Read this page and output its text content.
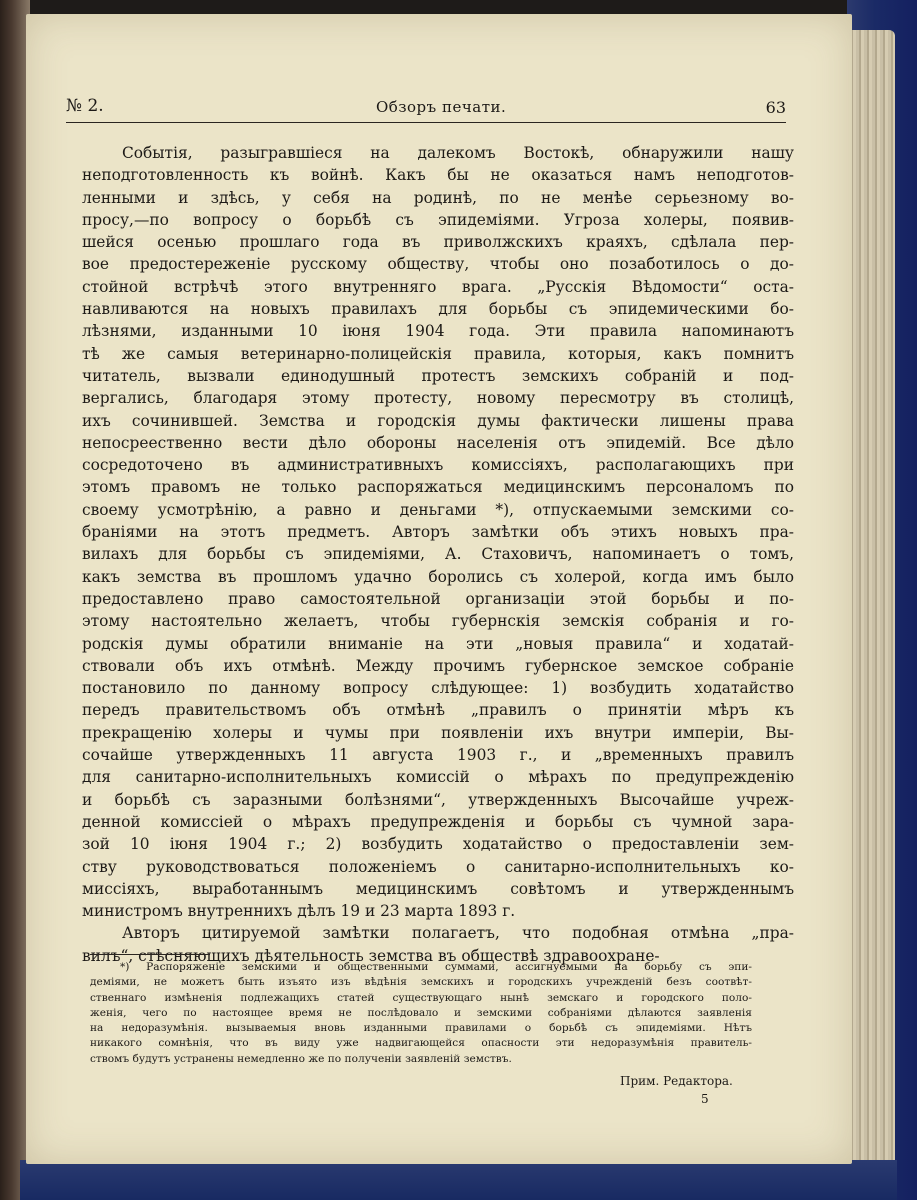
№ 2.	Обзоръ печати.	63
Событія, разыгравшіеся на далекомъ Востокѣ, обнаружили нашу
неподготовленность къ войнѣ. Какъ бы не оказаться намъ неподготов-
ленными и здѣсь, у себя на родинѣ, по не менѣе серьезному во-
просу,—по вопросу о борьбѣ съ эпидеміями. Угроза холеры, появив-
шейся осенью прошлаго года въ приволжскихъ краяхъ, сдѣлала пер-
вое предостереженіе русскому обществу, чтобы оно позаботилось о до-
стойной встрѣчѣ этого внутренняго врага. „Русскія Вѣдомости“ оста-
навливаются на новыхъ правилахъ для борьбы съ эпидемическими бо-
лѣзнями, изданными 10 іюня 1904 года. Эти правила напоминаютъ
тѣ же самыя ветеринарно-полицейскія правила, которыя, какъ помнитъ
читатель, вызвали единодушный протестъ земскихъ собраній и под-
вергались, благодаря этому протесту, новому пересмотру въ столицѣ,
ихъ сочинившей. Земства и городскія думы фактически лишены права
непосреественно вести дѣло обороны населенія отъ эпидемій. Все дѣло
сосредоточено въ административныхъ комиссіяхъ, располагающихъ при
этомъ правомъ не только распоряжаться медицинскимъ персоналомъ по
своему усмотрѣнію, а равно и деньгами *), отпускаемыми земскими со-
браніями на этотъ предметъ. Авторъ замѣтки объ этихъ новыхъ пра-
вилахъ для борьбы съ эпидеміями, А. Стаховичъ, напоминаетъ о томъ,
какъ земства въ прошломъ удачно боролись съ холерой, когда имъ было
предоставлено право самостоятельной организаціи этой борьбы и по-
этому настоятельно желаетъ, чтобы губернскія земскія собранія и го-
родскія думы обратили вниманіе на эти „новыя правила“ и ходатай-
ствовали объ ихъ отмѣнѣ. Между прочимъ губернское земское собраніе
постановило по данному вопросу слѣдующее: 1) возбудить ходатайство
передъ правительствомъ объ отмѣнѣ „правилъ о принятіи мѣръ къ
прекращенію холеры и чумы при появленіи ихъ внутри имперіи, Вы-
сочайше утвержденныхъ 11 августа 1903 г., и „временныхъ правилъ
для санитарно-исполнительныхъ комиссій о мѣрахъ по предупрежденію
и борьбѣ съ заразными болѣзнями“, утвержденныхъ Высочайше учреж-
денной комиссіей о мѣрахъ предупрежденія и борьбы съ чумной зара-
зой 10 іюня 1904 г.; 2) возбудить ходатайство о предоставленіи зем-
ству руководствоваться положеніемъ о санитарно-исполнительныхъ ко-
миссіяхъ, выработаннымъ медицинскимъ совѣтомъ и утвержденнымъ
министромъ внутреннихъ дѣлъ 19 и 23 марта 1893 г.
Авторъ цитируемой замѣтки полагаетъ, что подобная отмѣна „пра-
вилъ“, стѣсняющихъ дѣятельность земства въ обществѣ здравоохране-
*) Распоряженіе земскими и общественными суммами, ассигнуемыми на борьбу съ эпи-
деміями, не можетъ быть изъято изъ вѣдѣнія земскихъ и городскихъ учрежденій безъ соотвѣт-
ственнаго измѣненія подлежащихъ статей существующаго нынѣ земскаго и городского поло-
женія, чего по настоящее время не послѣдовало и земскими собраніями дѣлаются заявленія
на недоразумѣнія. вызываемыя вновь изданными правилами о борьбѣ съ эпидеміями. Нѣтъ
никакого сомнѣнія, что въ виду уже надвигающейся опасности эти недоразумѣнія правитель-
ствомъ будутъ устранены немедленно же по полученіи заявленій земствъ.
Прим. Редактора.
5
